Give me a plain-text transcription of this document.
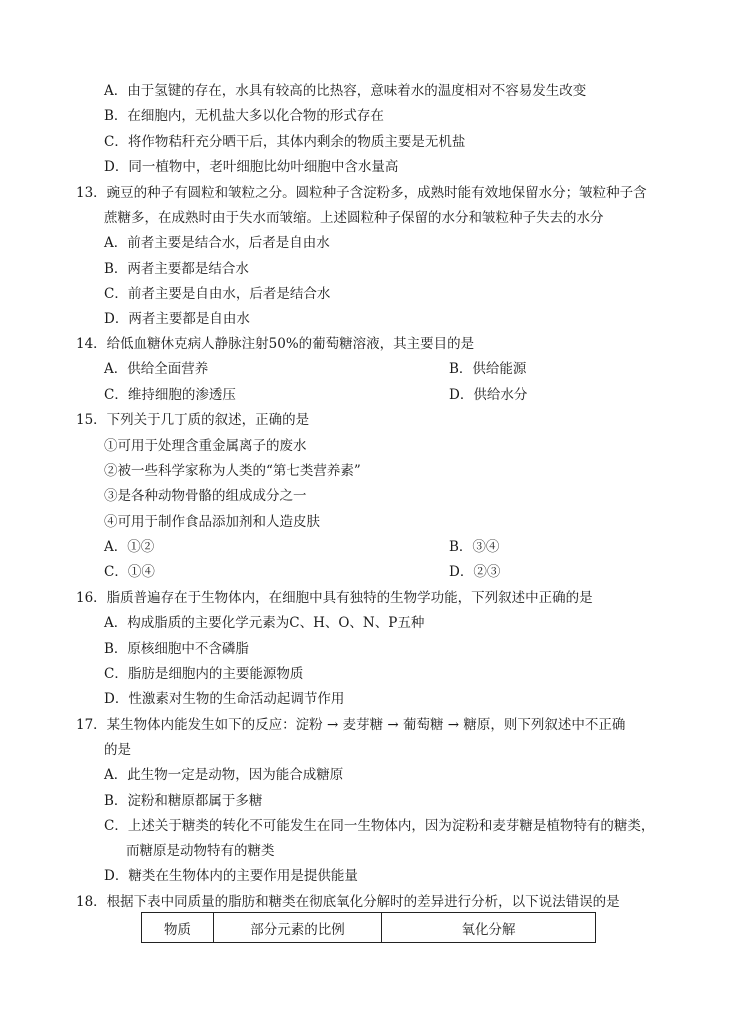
A．由于氢键的存在，水具有较高的比热容，意味着水的温度相对不容易发生改变
B．在细胞内，无机盐大多以化合物的形式存在
C．将作物秸秆充分晒干后，其体内剩余的物质主要是无机盐
D．同一植物中，老叶细胞比幼叶细胞中含水量高
13．豌豆的种子有圆粒和皱粒之分。圆粒种子含淀粉多，成熟时能有效地保留水分；皱粒种子含
蔗糖多，在成熟时由于失水而皱缩。上述圆粒种子保留的水分和皱粒种子失去的水分
A．前者主要是结合水，后者是自由水
B．两者主要都是结合水
C．前者主要是自由水，后者是结合水
D．两者主要都是自由水
14．给低血糖休克病人静脉注射50%的葡萄糖溶液，其主要目的是
A．供给全面营养	B．供给能源
C．维持细胞的渗透压	D．供给水分
15．下列关于几丁质的叙述，正确的是
①可用于处理含重金属离子的废水
②被一些科学家称为人类的“第七类营养素”
③是各种动物骨骼的组成成分之一
④可用于制作食品添加剂和人造皮肤
A．①②	B．③④
C．①④	D．②③
16．脂质普遍存在于生物体内，在细胞中具有独特的生物学功能，下列叙述中正确的是
A．构成脂质的主要化学元素为C、H、O、N、P五种
B．原核细胞中不含磷脂
C．脂肪是细胞内的主要能源物质
D．性激素对生物的生命活动起调节作用
17．某生物体内能发生如下的反应：淀粉 → 麦芽糖 → 葡萄糖 → 糖原，则下列叙述中不正确
的是
A．此生物一定是动物，因为能合成糖原
B．淀粉和糖原都属于多糖
C．上述关于糖类的转化不可能发生在同一生物体内，因为淀粉和麦芽糖是植物特有的糖类，
而糖原是动物特有的糖类
D．糖类在生物体内的主要作用是提供能量
18．根据下表中同质量的脂肪和糖类在彻底氧化分解时的差异进行分析，以下说法错误的是
物质	部分元素的比例	氧化分解
